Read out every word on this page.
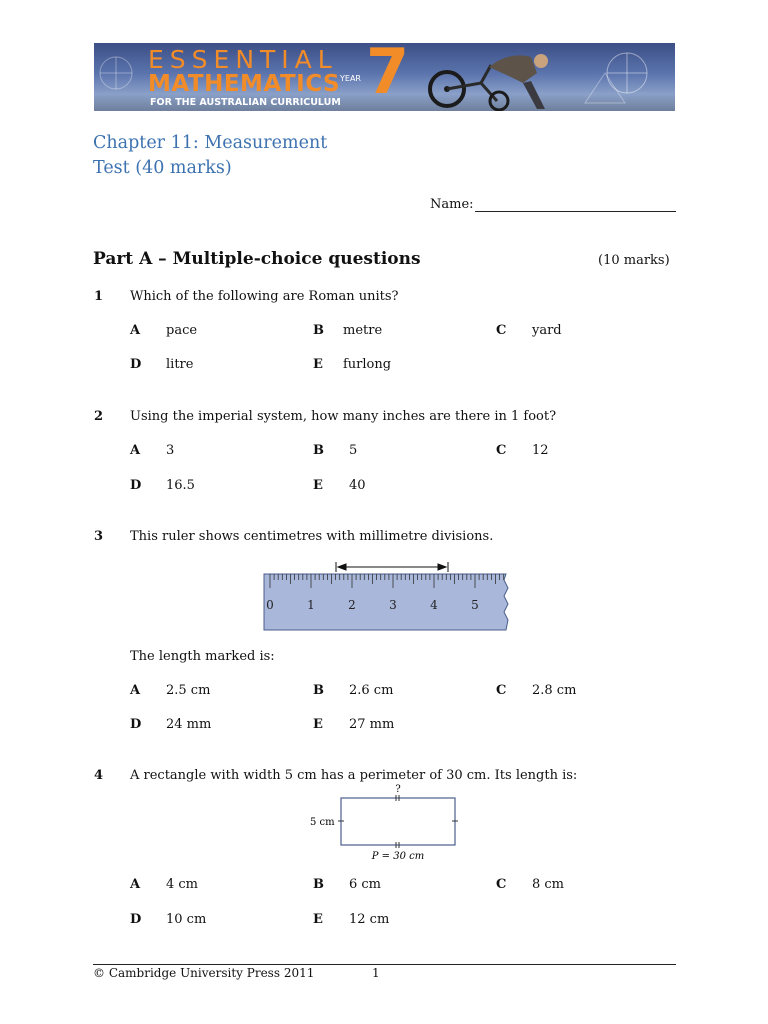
ESSENTIAL
MATHEMATICS
FOR THE AUSTRALIAN CURRICULUM
YEAR 7
Chapter 11: Measurement
Test (40 marks)
Name:
Part A – Multiple-choice questions	(10 marks)
1 Which of the following are Roman units?
A pace	B metre	C yard
D litre	E furlong
2 Using the imperial system, how many inches are there in 1 foot?
A 3	B 5	C 12
D 16.5	E 40
3 This ruler shows centimetres with millimetre divisions.
0	1	2	3	4	5
The length marked is:
A 2.5 cm	B 2.6 cm	C 2.8 cm
D 24 mm	E 27 mm
4 A rectangle with width 5 cm has a perimeter of 30 cm. Its length is:
?
5 cm
P = 30 cm
A 4 cm	B 6 cm	C 8 cm
D 10 cm	E 12 cm
© Cambridge University Press 2011	1
